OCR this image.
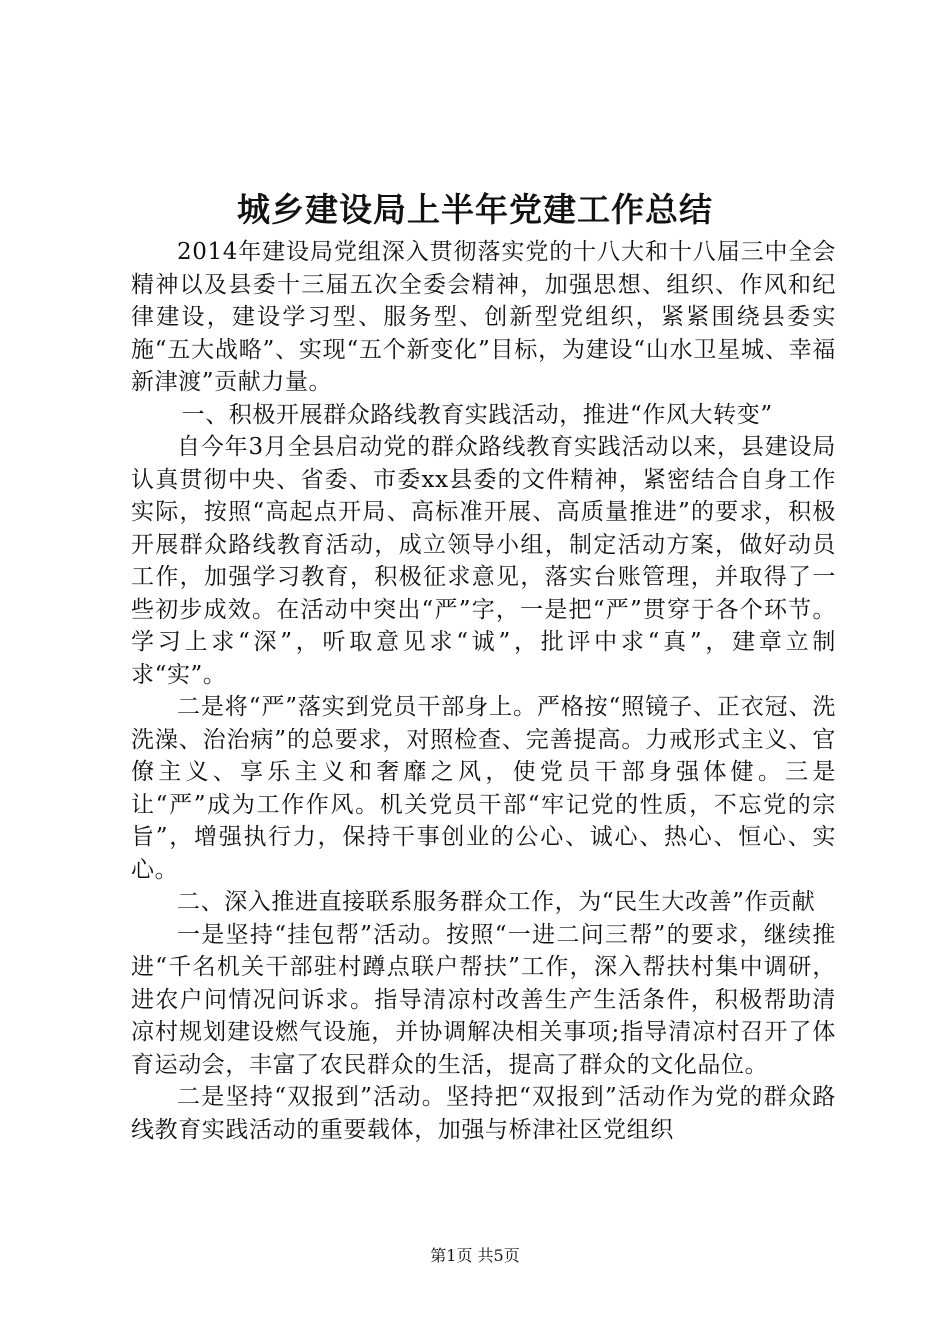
城乡建设局上半年党建工作总结

2014年建设局党组深入贯彻落实党的十八大和十八届三中全会精神以及县委十三届五次全委会精神，加强思想、组织、作风和纪律建设，建设学习型、服务型、创新型党组织，紧紧围绕县委实施“五大战略”、实现“五个新变化”目标，为建设“山水卫星城、幸福新津渡”贡献力量。

一、积极开展群众路线教育实践活动，推进“作风大转变”

自今年3月全县启动党的群众路线教育实践活动以来，县建设局认真贯彻中央、省委、市委xx县委的文件精神，紧密结合自身工作实际，按照“高起点开局、高标准开展、高质量推进”的要求，积极开展群众路线教育活动，成立领导小组，制定活动方案，做好动员工作，加强学习教育，积极征求意见，落实台账管理，并取得了一些初步成效。在活动中突出“严”字，一是把“严”贯穿于各个环节。学习上求“深”，听取意见求“诚”，批评中求“真”，建章立制求“实”。

二是将“严”落实到党员干部身上。严格按“照镜子、正衣冠、洗洗澡、治治病”的总要求，对照检查、完善提高。力戒形式主义、官僚主义、享乐主义和奢靡之风，使党员干部身强体健。三是让“严”成为工作作风。机关党员干部“牢记党的性质，不忘党的宗旨”，增强执行力，保持干事创业的公心、诚心、热心、恒心、实心。

二、深入推进直接联系服务群众工作，为“民生大改善”作贡献

一是坚持“挂包帮”活动。按照“一进二问三帮”的要求，继续推进“千名机关干部驻村蹲点联户帮扶”工作，深入帮扶村集中调研，进农户问情况问诉求。指导清凉村改善生产生活条件，积极帮助清凉村规划建设燃气设施，并协调解决相关事项;指导清凉村召开了体育运动会，丰富了农民群众的生活，提高了群众的文化品位。

二是坚持“双报到”活动。坚持把“双报到”活动作为党的群众路线教育实践活动的重要载体，加强与桥津社区党组织

第1页 共5页
